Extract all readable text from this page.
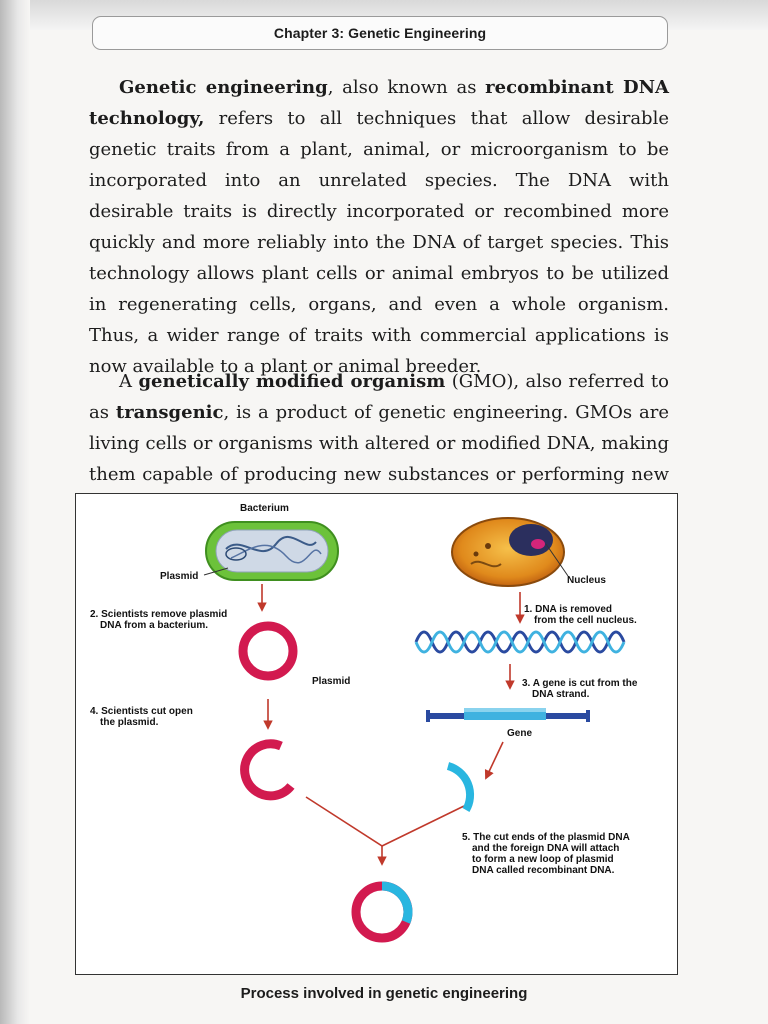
Chapter 3: Genetic Engineering

Genetic engineering, also known as recombinant DNA technology, refers to all techniques that allow desirable genetic traits from a plant, animal, or microorganism to be incorporated into an unrelated species. The DNA with desirable traits is directly incorporated or recombined more quickly and more reliably into the DNA of target species. This technology allows plant cells or animal embryos to be utilized in regenerating cells, organs, and even a whole organism. Thus, a wider range of traits with commercial applications is now available to a plant or animal breeder.

A genetically modified organism (GMO), also referred to as transgenic, is a product of genetic engineering. GMOs are living cells or organisms with altered or modified DNA, making them capable of producing new substances or performing new

Bacterium
Plasmid	Nucleus
1. DNA is removed
from the cell nucleus.
2. Scientists remove plasmid
DNA from a bacterium.
Plasmid	3. A gene is cut from the
DNA strand.
Gene
4. Scientists cut open
the plasmid.
5. The cut ends of the plasmid DNA
and the foreign DNA will attach
to form a new loop of plasmid
DNA called recombinant DNA.
Process involved in genetic engineering
